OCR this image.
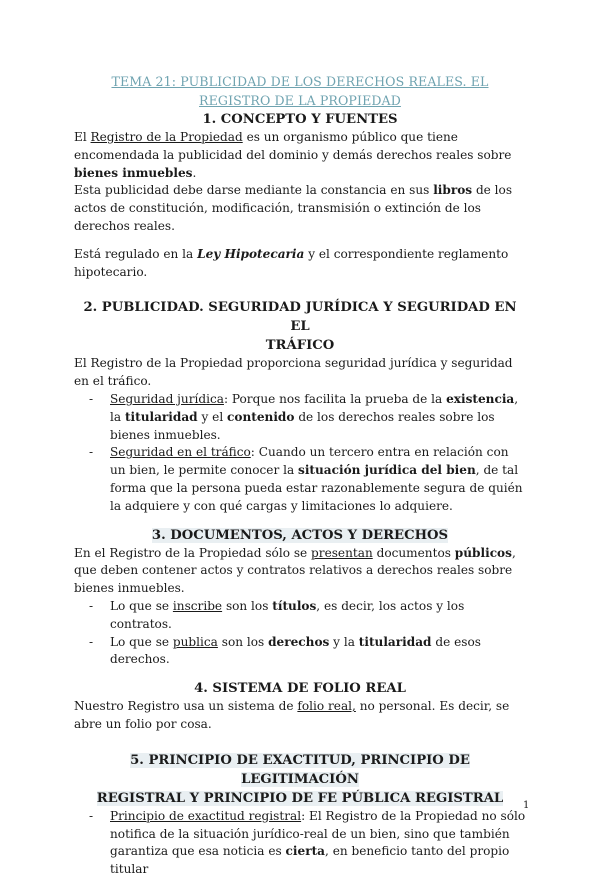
TEMA 21: PUBLICIDAD DE LOS DERECHOS REALES. EL
REGISTRO DE LA PROPIEDAD
1. CONCEPTO Y FUENTES

El Registro de la Propiedad es un organismo público que tiene encomendada la publicidad del dominio y demás derechos reales sobre bienes inmuebles.
Esta publicidad debe darse mediante la constancia en sus libros de los actos de constitución, modificación, transmisión o extinción de los derechos reales.

Está regulado en la Ley Hipotecaria y el correspondiente reglamento hipotecario.

2. PUBLICIDAD. SEGURIDAD JURÍDICA Y SEGURIDAD EN EL
TRÁFICO

El Registro de la Propiedad proporciona seguridad jurídica y seguridad en el tráfico.

- Seguridad jurídica: Porque nos facilita la prueba de la existencia, la titularidad y el contenido de los derechos reales sobre los bienes inmuebles.
- Seguridad en el tráfico: Cuando un tercero entra en relación con un bien, le permite conocer la situación jurídica del bien, de tal forma que la persona pueda estar razonablemente segura de quién la adquiere y con qué cargas y limitaciones lo adquiere.
3. DOCUMENTOS, ACTOS Y DERECHOS

En el Registro de la Propiedad sólo se presentan documentos públicos, que deben contener actos y contratos relativos a derechos reales sobre bienes inmuebles.

- Lo que se inscribe son los títulos, es decir, los actos y los contratos.
- Lo que se publica son los derechos y la titularidad de esos derechos.
4. SISTEMA DE FOLIO REAL

Nuestro Registro usa un sistema de folio real, no personal. Es decir, se abre un folio por cosa.

5. PRINCIPIO DE EXACTITUD, PRINCIPIO DE LEGITIMACIÓN
REGISTRAL Y PRINCIPIO DE FE PÚBLICA REGISTRAL
- Principio de exactitud registral: El Registro de la Propiedad no sólo notifica de la situación jurídico-real de un bien, sino que también garantiza que esa noticia es cierta, en beneficio tanto del propio titular
1
